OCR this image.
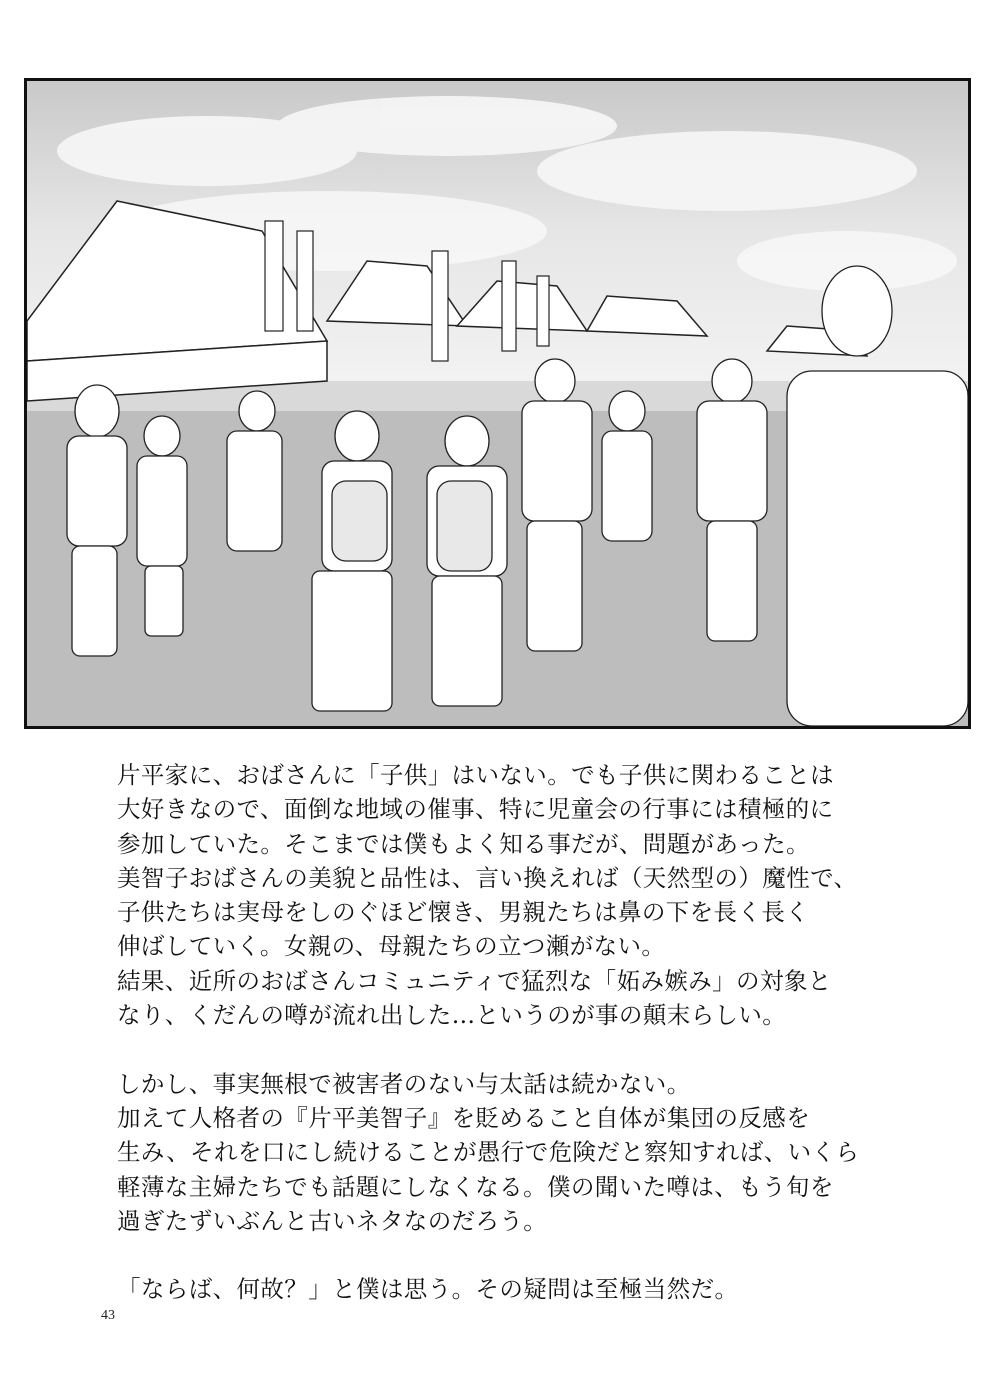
片平家に、おばさんに「子供」はいない。でも子供に関わることは
大好きなので、面倒な地域の催事、特に児童会の行事には積極的に
参加していた。そこまでは僕もよく知る事だが、問題があった。
美智子おばさんの美貌と品性は、言い換えれば（天然型の）魔性で、
子供たちは実母をしのぐほど懐き、男親たちは鼻の下を長く長く
伸ばしていく。女親の、母親たちの立つ瀬がない。
結果、近所のおばさんコミュニティで猛烈な「妬み嫉み」の対象と
なり、くだんの噂が流れ出した…というのが事の顛末らしい。
しかし、事実無根で被害者のない与太話は続かない。
加えて人格者の『片平美智子』を貶めること自体が集団の反感を
生み、それを口にし続けることが愚行で危険だと察知すれば、いくら
軽薄な主婦たちでも話題にしなくなる。僕の聞いた噂は、もう旬を
過ぎたずいぶんと古いネタなのだろう。
「ならば、何故？」と僕は思う。その疑問は至極当然だ。
43
